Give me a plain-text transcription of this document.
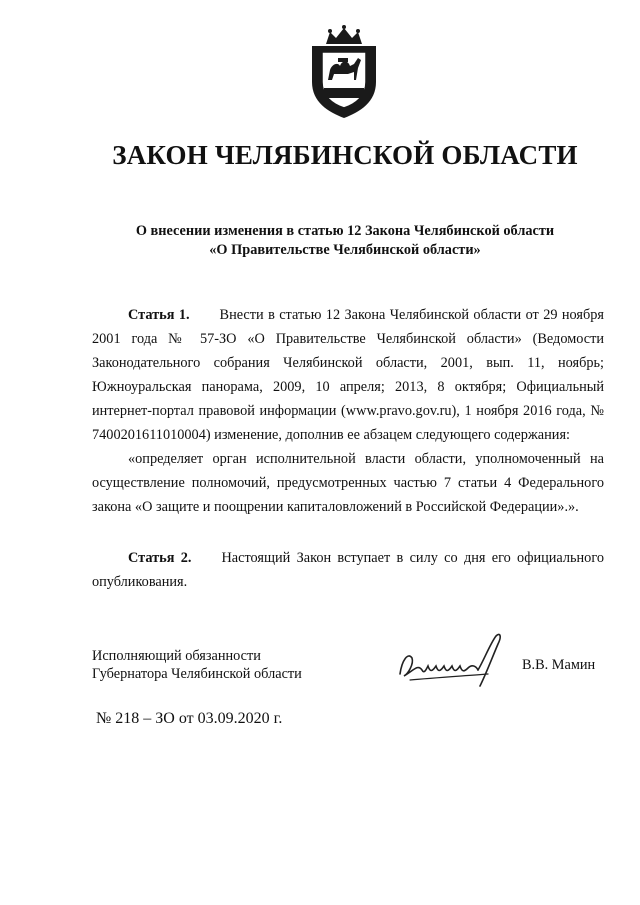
ЗАКОН ЧЕЛЯБИНСКОЙ ОБЛАСТИ
О внесении изменения в статью 12 Закона Челябинской области
«О Правительстве Челябинской области»

Статья 1. Внести в статью 12 Закона Челябинской области от 29 ноября 2001 года № 57-ЗО «О Правительстве Челябинской области» (Ведомости Законодательного собрания Челябинской области, 2001, вып. 11, ноябрь; Южноуральская панорама, 2009, 10 апреля; 2013, 8 октября; Официальный интернет-портал правовой информации (www.pravo.gov.ru), 1 ноября 2016 года, № 7400201611010004) изменение, дополнив ее абзацем следующего содержания:

«определяет орган исполнительной власти области, уполномоченный на осуществление полномочий, предусмотренных частью 7 статьи 4 Федерального закона «О защите и поощрении капиталовложений в Российской Федерации».».

Статья 2. Настоящий Закон вступает в силу со дня его официального опубликования.

Исполняющий обязанности
Губернатора Челябинской области
В.В. Мамин
№ 218 – ЗО от 03.09.2020 г.
